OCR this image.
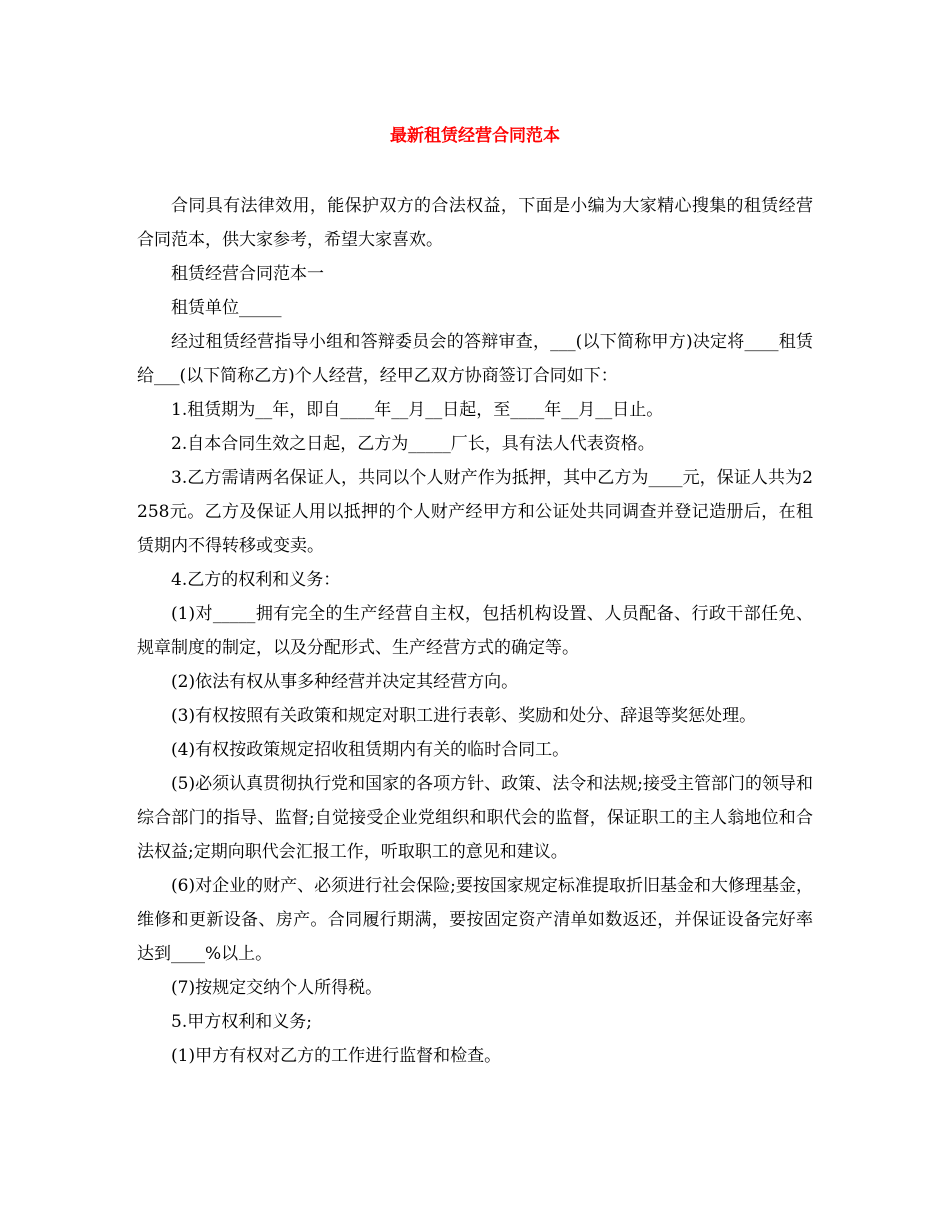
最新租赁经营合同范本

合同具有法律效用，能保护双方的合法权益，下面是小编为大家精心搜集的租赁经营合同范本，供大家参考，希望大家喜欢。

租赁经营合同范本一

租赁单位_____

经过租赁经营指导小组和答辩委员会的答辩审查，___(以下简称甲方)决定将____租赁给___(以下简称乙方)个人经营，经甲乙双方协商签订合同如下：

1.租赁期为__年，即自____年__月__日起，至____年__月__日止。

2.自本合同生效之日起，乙方为_____厂长，具有法人代表资格。

3.乙方需请两名保证人，共同以个人财产作为抵押，其中乙方为____元，保证人共为2258元。乙方及保证人用以抵押的个人财产经甲方和公证处共同调查并登记造册后，在租赁期内不得转移或变卖。

4.乙方的权利和义务：

(1)对_____拥有完全的生产经营自主权，包括机构设置、人员配备、行政干部任免、规章制度的制定，以及分配形式、生产经营方式的确定等。

(2)依法有权从事多种经营并决定其经营方向。

(3)有权按照有关政策和规定对职工进行表彰、奖励和处分、辞退等奖惩处理。

(4)有权按政策规定招收租赁期内有关的临时合同工。

(5)必须认真贯彻执行党和国家的各项方针、政策、法令和法规;接受主管部门的领导和综合部门的指导、监督;自觉接受企业党组织和职代会的监督，保证职工的主人翁地位和合法权益;定期向职代会汇报工作，听取职工的意见和建议。

(6)对企业的财产、必须进行社会保险;要按国家规定标准提取折旧基金和大修理基金，维修和更新设备、房产。合同履行期满，要按固定资产清单如数返还，并保证设备完好率达到____%以上。

(7)按规定交纳个人所得税。

5.甲方权利和义务;

(1)甲方有权对乙方的工作进行监督和检查。
